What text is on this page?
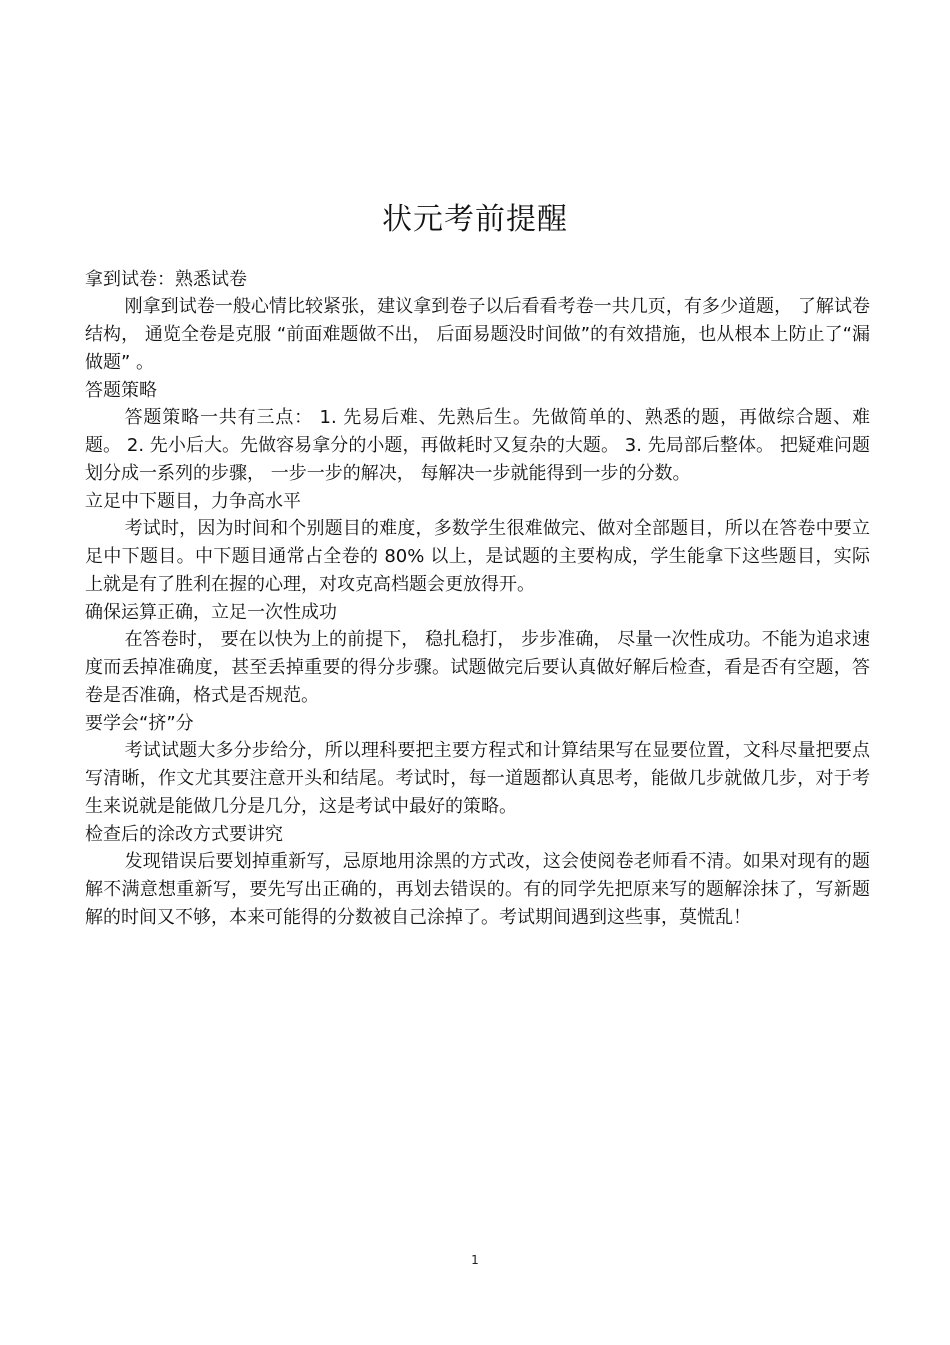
状元考前提醒

拿到试卷：熟悉试卷

刚拿到试卷一般心情比较紧张，建议拿到卷子以后看看考卷一共几页，有多少道题， 了解试卷结构， 通览全卷是克服 “前面难题做不出， 后面易题没时间做”的有效措施，也从根本上防止了“漏做题” 。

答题策略

答题策略一共有三点： 1. 先易后难、先熟后生。先做简单的、熟悉的题，再做综合题、难题。 2. 先小后大。先做容易拿分的小题，再做耗时又复杂的大题。 3. 先局部后整体。 把疑难问题划分成一系列的步骤， 一步一步的解决， 每解决一步就能得到一步的分数。

立足中下题目，力争高水平

考试时，因为时间和个别题目的难度，多数学生很难做完、做对全部题目，所以在答卷中要立足中下题目。中下题目通常占全卷的 80% 以上，是试题的主要构成，学生能拿下这些题目，实际上就是有了胜利在握的心理，对攻克高档题会更放得开。

确保运算正确，立足一次性成功

在答卷时， 要在以快为上的前提下， 稳扎稳打， 步步准确， 尽量一次性成功。不能为追求速度而丢掉准确度，甚至丢掉重要的得分步骤。试题做完后要认真做好解后检查，看是否有空题，答卷是否准确，格式是否规范。

要学会“挤”分

考试试题大多分步给分，所以理科要把主要方程式和计算结果写在显要位置，文科尽量把要点写清晰，作文尤其要注意开头和结尾。考试时，每一道题都认真思考，能做几步就做几步，对于考生来说就是能做几分是几分，这是考试中最好的策略。

检查后的涂改方式要讲究

发现错误后要划掉重新写，忌原地用涂黑的方式改，这会使阅卷老师看不清。如果对现有的题解不满意想重新写，要先写出正确的，再划去错误的。有的同学先把原来写的题解涂抹了，写新题解的时间又不够，本来可能得的分数被自己涂掉了。考试期间遇到这些事，莫慌乱！

1
